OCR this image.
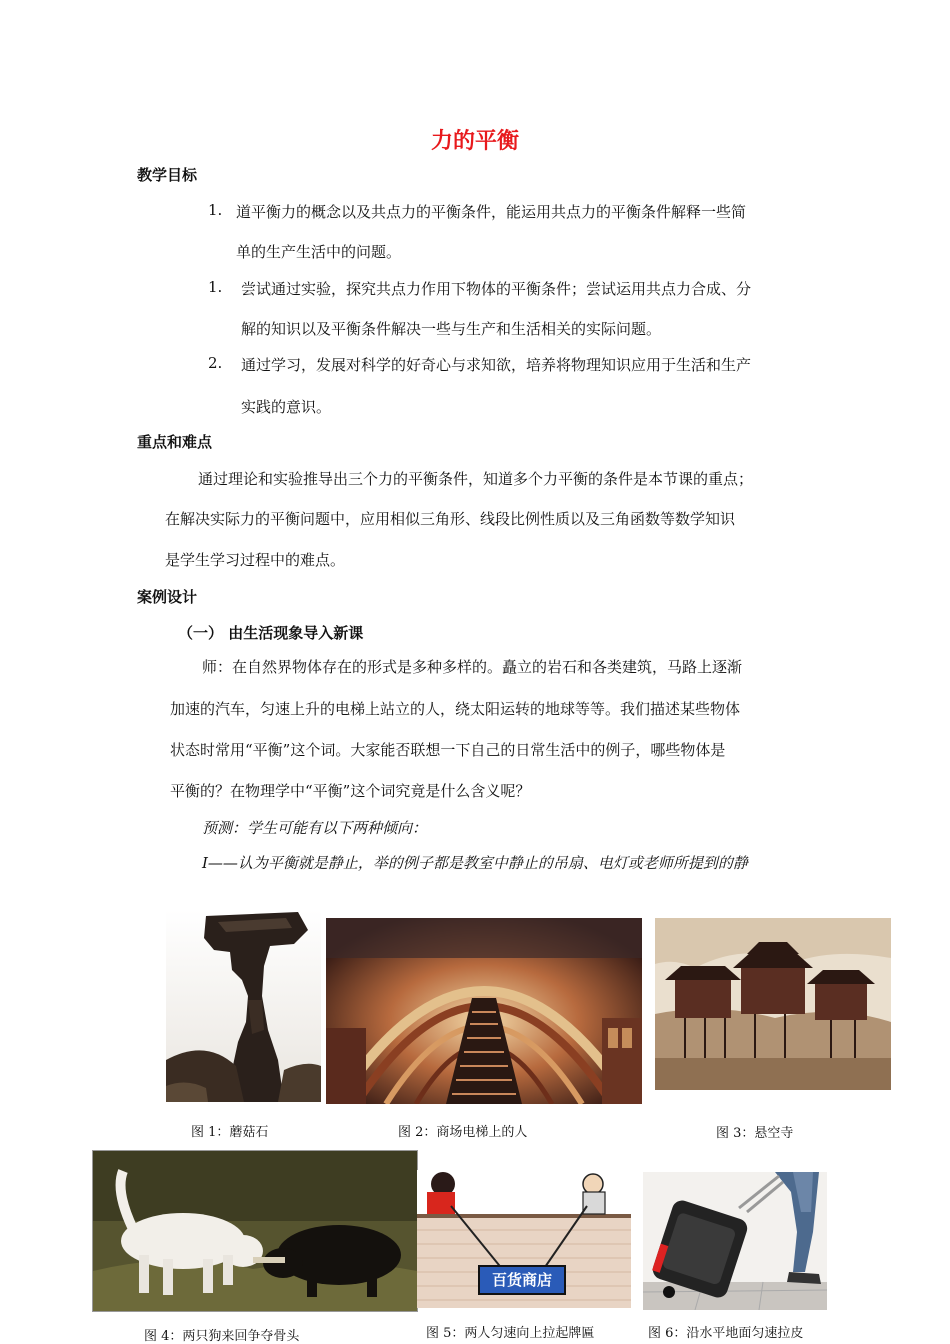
力的平衡
教学目标
1. 道平衡力的概念以及共点力的平衡条件，能运用共点力的平衡条件解释一些简
单的生产生活中的问题。
1. 尝试通过实验，探究共点力作用下物体的平衡条件；尝试运用共点力合成、分
解的知识以及平衡条件解决一些与生产和生活相关的实际问题。
2. 通过学习，发展对科学的好奇心与求知欲，培养将物理知识应用于生活和生产
实践的意识。
重点和难点
通过理论和实验推导出三个力的平衡条件，知道多个力平衡的条件是本节课的重点；
在解决实际力的平衡问题中，应用相似三角形、线段比例性质以及三角函数等数学知识
是学生学习过程中的难点。
案例设计
（一） 由生活现象导入新课
师：在自然界物体存在的形式是多种多样的。矗立的岩石和各类建筑，马路上逐渐
加速的汽车，匀速上升的电梯上站立的人，绕太阳运转的地球等等。我们描述某些物体
状态时常用“平衡”这个词。大家能否联想一下自己的日常生活中的例子，哪些物体是
平衡的？在物理学中“平衡”这个词究竟是什么含义呢？
预测：学生可能有以下两种倾向：
I——认为平衡就是静止，举的例子都是教室中静止的吊扇、电灯或老师所提到的静
图 1：蘑菇石	图 2：商场电梯上的人	图 3：悬空寺
图 4：两只狗来回争夺骨头
百货商店
图 5：两人匀速向上拉起牌匾	图 6：沿水平地面匀速拉皮
